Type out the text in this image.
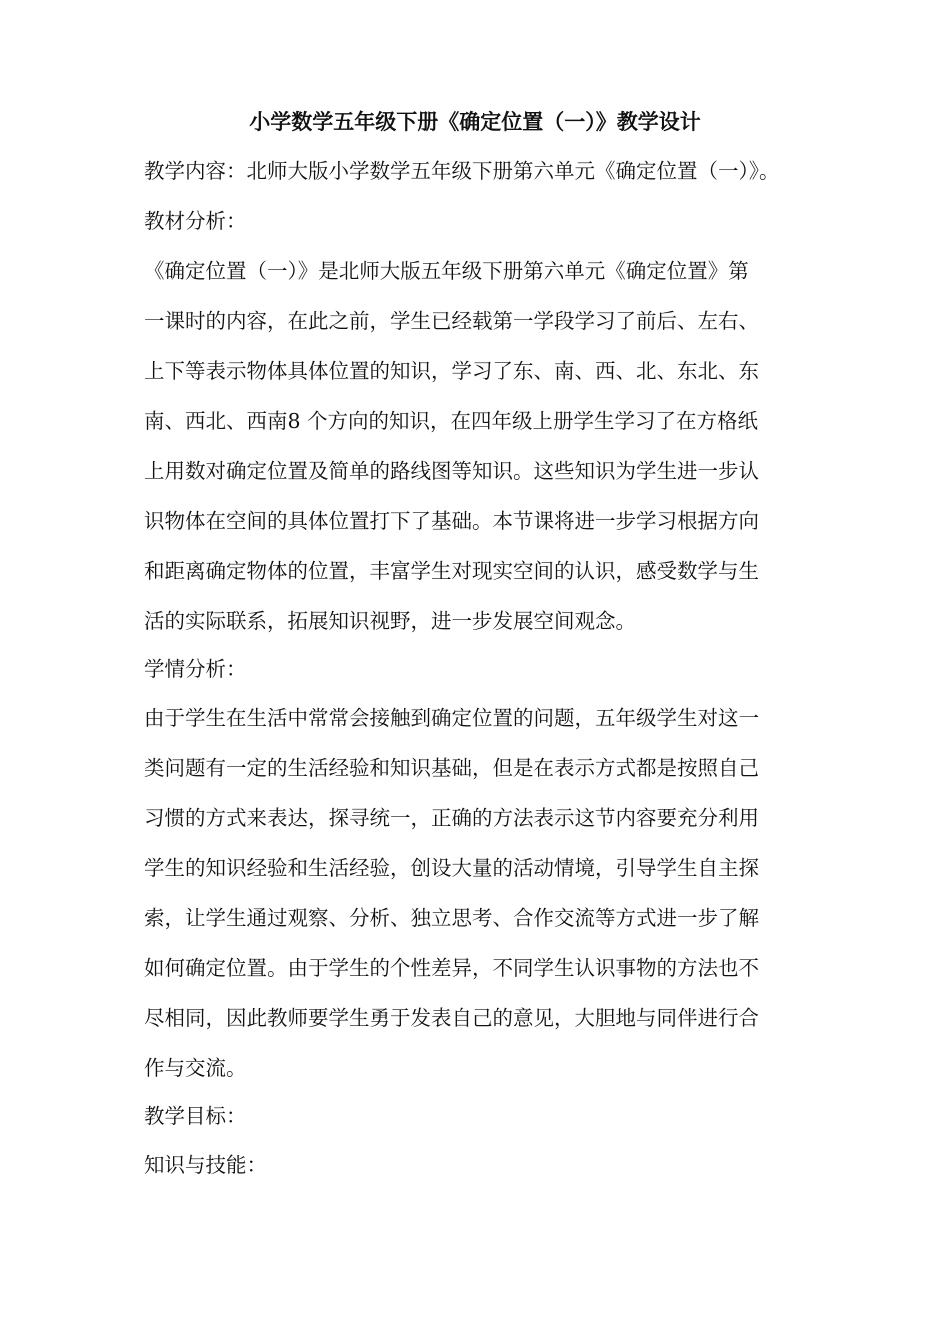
小学数学五年级下册《确定位置（一）》教学设计
教学内容：北师大版小学数学五年级下册第六单元《确定位置（一）》。
教材分析：
《确定位置（一）》是北师大版五年级下册第六单元《确定位置》第
一课时的内容，在此之前，学生已经载第一学段学习了前后、左右、
上下等表示物体具体位置的知识，学习了东、南、西、北、东北、东
南、西北、西南8 个方向的知识，在四年级上册学生学习了在方格纸
上用数对确定位置及简单的路线图等知识。这些知识为学生进一步认
识物体在空间的具体位置打下了基础。本节课将进一步学习根据方向
和距离确定物体的位置，丰富学生对现实空间的认识，感受数学与生
活的实际联系，拓展知识视野，进一步发展空间观念。
学情分析：
由于学生在生活中常常会接触到确定位置的问题，五年级学生对这一
类问题有一定的生活经验和知识基础，但是在表示方式都是按照自己
习惯的方式来表达，探寻统一，正确的方法表示这节内容要充分利用
学生的知识经验和生活经验，创设大量的活动情境，引导学生自主探
索，让学生通过观察、分析、独立思考、合作交流等方式进一步了解
如何确定位置。由于学生的个性差异，不同学生认识事物的方法也不
尽相同，因此教师要学生勇于发表自己的意见，大胆地与同伴进行合
作与交流。
教学目标：
知识与技能：
